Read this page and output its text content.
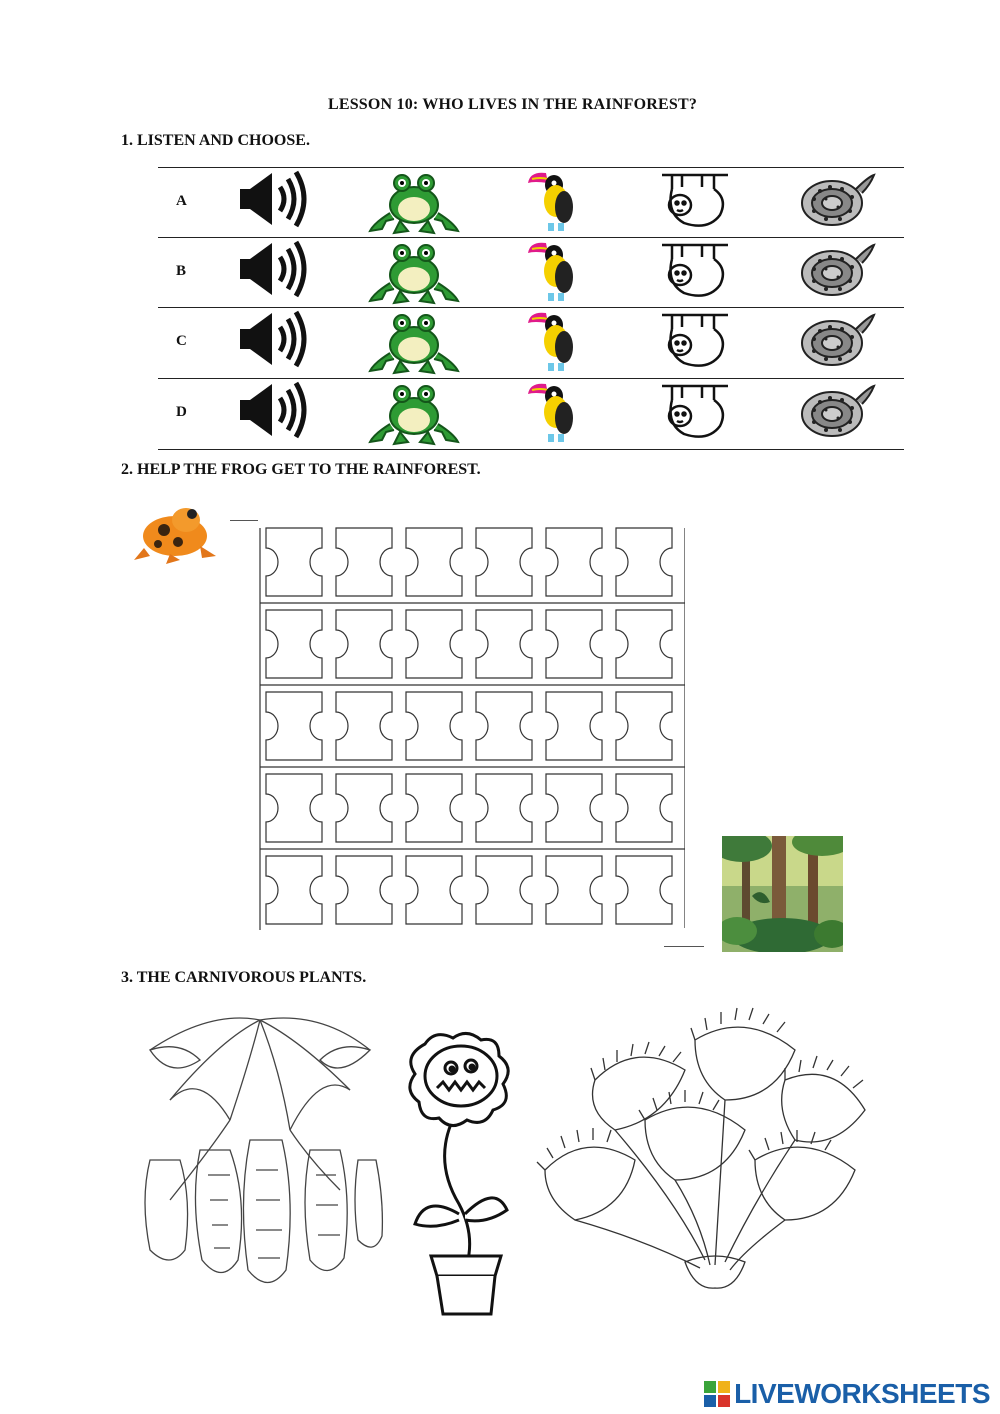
LESSON 10: WHO LIVES IN THE RAINFOREST?
1. LISTEN AND CHOOSE.
A
B
C
D
2. HELP THE FROG GET TO THE RAINFOREST.
3. THE CARNIVOROUS PLANTS.
LIVEWORKSHEETS
